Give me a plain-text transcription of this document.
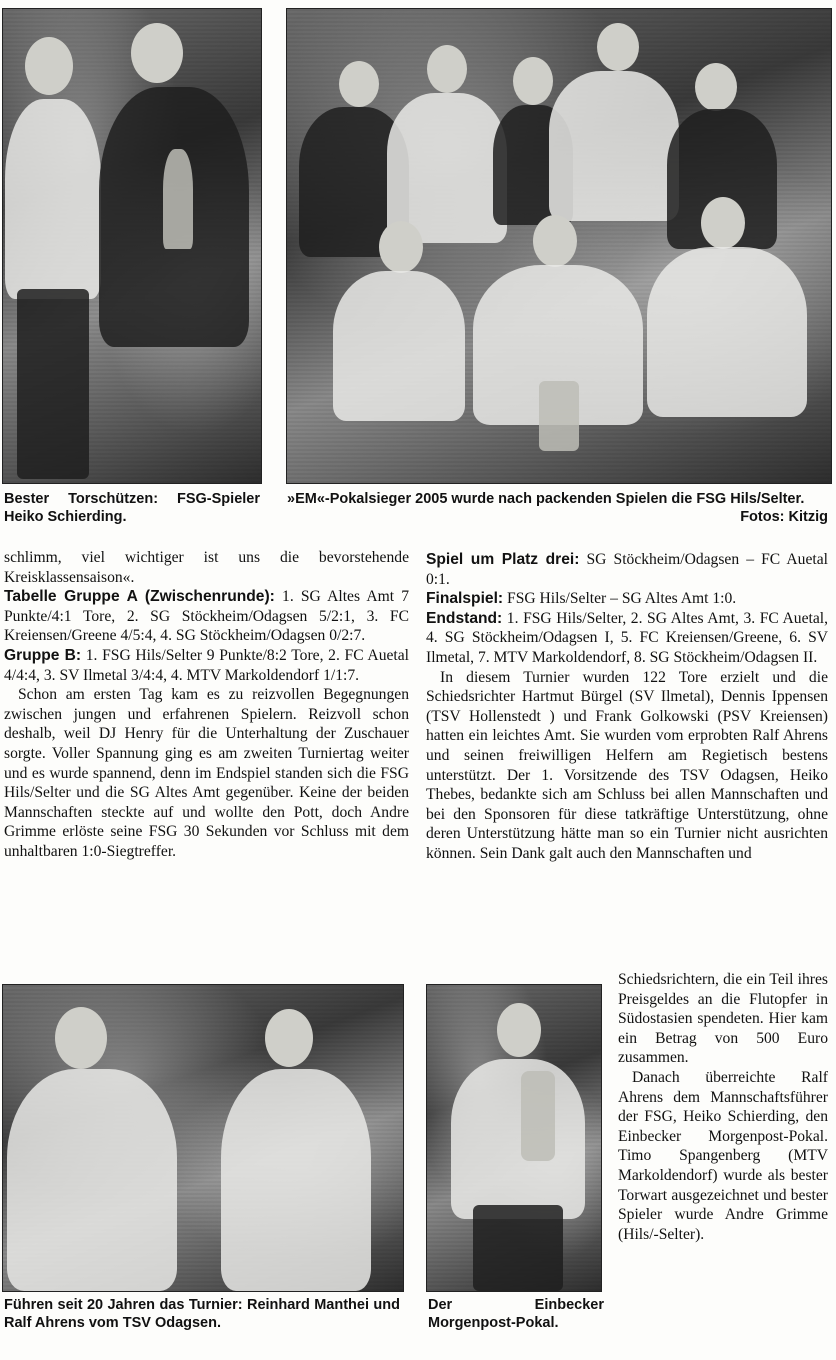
Bester Torschützen: FSG-Spieler Heiko Schierding.
»EM«-Pokalsieger 2005 wurde nach packenden Spielen die FSG Hils/Selter.
Fotos: Kitzig

schlimm, viel wichtiger ist uns die bevorstehende Kreisklassensaison«.

Tabelle Gruppe A (Zwischenrunde): 1. SG Altes Amt 7 Punkte/4:1 Tore, 2. SG Stöckheim/Odagsen 5/2:1, 3. FC Kreiensen/Greene 4/5:4, 4. SG Stöckheim/Odagsen 0/2:7.

Gruppe B: 1. FSG Hils/Selter 9 Punkte/8:2 Tore, 2. FC Auetal 4/4:4, 3. SV Ilmetal 3/4:4, 4. MTV Markoldendorf 1/1:7.

Schon am ersten Tag kam es zu reizvollen Begegnungen zwischen jungen und erfahrenen Spielern. Reizvoll schon deshalb, weil DJ Henry für die Unterhaltung der Zuschauer sorgte. Voller Spannung ging es am zweiten Turniertag weiter und es wurde spannend, denn im Endspiel standen sich die FSG Hils/Selter und die SG Altes Amt gegenüber. Keine der beiden Mannschaften steckte auf und wollte den Pott, doch Andre Grimme erlöste seine FSG 30 Sekunden vor Schluss mit dem unhaltbaren 1:0-Siegtreffer.

Spiel um Platz drei: SG Stöckheim/Odagsen – FC Auetal 0:1.

Finalspiel: FSG Hils/Selter – SG Altes Amt 1:0.

Endstand: 1. FSG Hils/Selter, 2. SG Altes Amt, 3. FC Auetal, 4. SG Stöckheim/Odagsen I, 5. FC Kreiensen/Greene, 6. SV Ilmetal, 7. MTV Markoldendorf, 8. SG Stöckheim/Odagsen II.

In diesem Turnier wurden 122 Tore erzielt und die Schiedsrichter Hartmut Bürgel (SV Ilmetal), Dennis Ippensen (TSV Hollenstedt ) und Frank Golkowski (PSV Kreiensen) hatten ein leichtes Amt. Sie wurden vom erprobten Ralf Ahrens und seinen freiwilligen Helfern am Regietisch bestens unterstützt. Der 1. Vorsitzende des TSV Odagsen, Heiko Thebes, bedankte sich am Schluss bei allen Mannschaften und bei den Sponsoren für diese tatkräftige Unterstützung, ohne deren Unterstützung hätte man so ein Turnier nicht ausrichten können. Sein Dank galt auch den Mannschaften und

Schiedsrichtern, die ein Teil ihres Preisgeldes an die Flutopfer in Südostasien spendeten. Hier kam ein Betrag von 500 Euro zusammen.

Danach überreichte Ralf Ahrens dem Mannschaftsführer der FSG, Heiko Schierding, den Einbecker Morgenpost-Pokal. Timo Spangenberg (MTV Markoldendorf) wurde als bester Torwart ausgezeichnet und bester Spieler wurde Andre Grimme (Hils/-Selter).

Führen seit 20 Jahren das Turnier: Reinhard Manthei und Ralf Ahrens vom TSV Odagsen.
Der Einbecker Morgenpost-Pokal.
